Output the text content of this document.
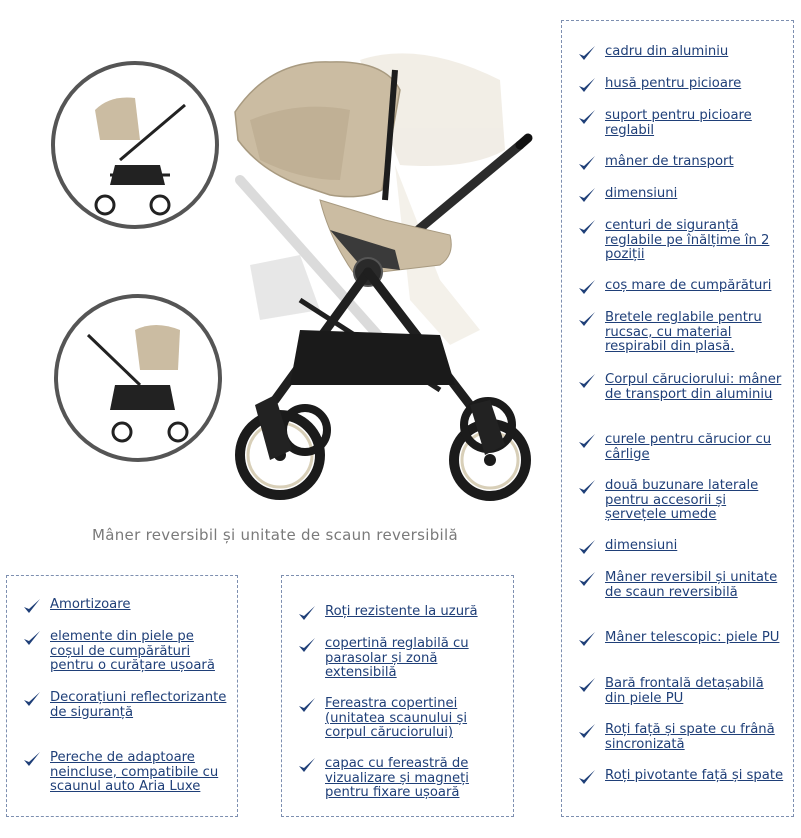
Mâner reversibil și unitate de scaun reversibilă
cadru din aluminiu
husă pentru picioare
suport pentru picioare reglabil
mâner de transport
dimensiuni
centuri de siguranță reglabile pe înălțime în 2 poziții
coș mare de cumpărături
Bretele reglabile pentru rucsac, cu material respirabil din plasă.
Corpul căruciorului: mâner de transport din aluminiu
curele pentru cărucior cu cârlige
două buzunare laterale pentru accesorii și șervețele umede
dimensiuni
Mâner reversibil și unitate de scaun reversibilă
Mâner telescopic: piele PU
Bară frontală detașabilă din piele PU
Roți față și spate cu frână sincronizată
Roți pivotante față și spate
Amortizoare
elemente din piele pe coșul de cumpărături pentru o curățare ușoară
Decorațiuni reflectorizante de siguranță
Pereche de adaptoare neincluse, compatibile cu scaunul auto Aria Luxe
Roți rezistente la uzură
copertină reglabilă cu parasolar și zonă extensibilă
Fereastra copertinei (unitatea scaunului și corpul căruciorului)
capac cu fereastră de vizualizare și magneți pentru fixare ușoară
